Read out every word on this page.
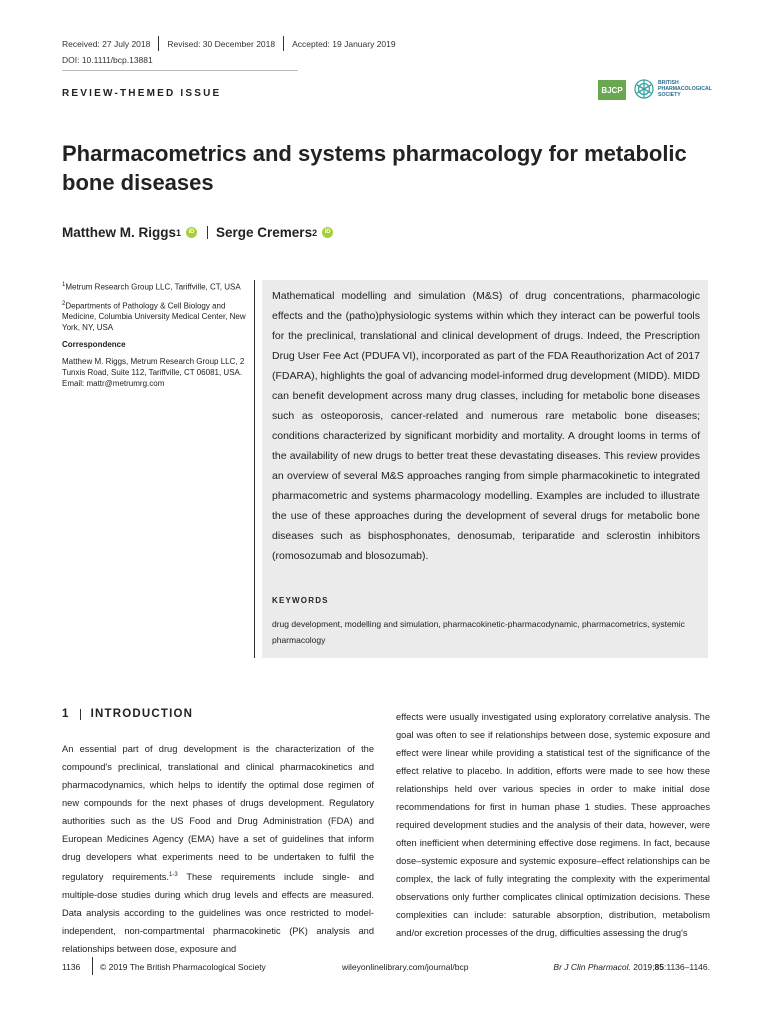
Received: 27 July 2018	Revised: 30 December 2018	Accepted: 19 January 2019
DOI: 10.1111/bcp.13881
REVIEW-THEMED ISSUE	BJCP
BRITISH PHARMACOLOGICAL SOCIETY
Pharmacometrics and systems pharmacology for metabolic bone diseases
Matthew M. Riggs 1	iD Serge Cremers 2	iD

$^1$Metrum Research Group LLC, Tariffville, CT, USA

$^2$Departments of Pathology & Cell Biology and Medicine, Columbia University Medical Center, New York, NY, USA

Correspondence

Matthew M. Riggs, Metrum Research Group LLC, 2 Tunxis Road, Suite 112, Tariffville, CT 06081, USA.

Email: mattr@metrumrg.com

Mathematical modelling and simulation (M&S) of drug concentrations, pharmacologic effects and the (patho)physiologic systems within which they interact can be powerful tools for the preclinical, translational and clinical development of drugs. Indeed, the Prescription Drug User Fee Act (PDUFA VI), incorporated as part of the FDA Reauthorization Act of 2017 (FDARA), highlights the goal of advancing model-informed drug development (MIDD). MIDD can benefit development across many drug classes, including for metabolic bone diseases such as osteoporosis, cancer-related and numerous rare metabolic bone diseases; conditions characterized by significant morbidity and mortality. A drought looms in terms of the availability of new drugs to better treat these devastating diseases. This review provides an overview of several M&S approaches ranging from simple pharmacokinetic to integrated pharmacometric and systems pharmacology modelling. Examples are included to illustrate the use of these approaches during the development of several drugs for metabolic bone diseases such as bisphosphonates, denosumab, teriparatide and sclerostin inhibitors (romosozumab and blosozumab).
KEYWORDS
drug development, modelling and simulation, pharmacokinetic-pharmacodynamic, pharmacometrics, systemic pharmacology
1 INTRODUCTION
An essential part of drug development is the characterization of the compound's preclinical, translational and clinical pharmacokinetics and pharmacodynamics, which helps to identify the optimal dose regimen of new compounds for the next phases of drugs development. Regulatory authorities such as the US Food and Drug Administration (FDA) and European Medicines Agency (EMA) have a set of guidelines that inform drug developers what experiments need to be undertaken to fulfil the regulatory requirements.$^{1-3}$ These requirements include single- and multiple-dose studies during which drug levels and effects are measured. Data analysis according to the guidelines was once restricted to model-independent, non-compartmental pharmacokinetic (PK) analysis and relationships between dose, exposure and
effects were usually investigated using exploratory correlative analysis. The goal was often to see if relationships between dose, systemic exposure and effect were linear while providing a statistical test of the significance of the effect relative to placebo. In addition, efforts were made to see how these relationships held over various species in order to make initial dose recommendations for first in human phase 1 studies. These approaches required development studies and the analysis of their data, however, were often inefficient when determining effective dose regimens. In fact, because dose–systemic exposure and systemic exposure–effect relationships can be complex, the lack of fully integrating the complexity with the experimental observations only further complicates clinical optimization decisions. These complexities can include: saturable absorption, distribution, metabolism and/or excretion processes of the drug, difficulties assessing the drug's
1136 © 2019 The British Pharmacological Society	wileyonlinelibrary.com/journal/bcp	Br J Clin Pharmacol. 2019;85:1136–1146.
